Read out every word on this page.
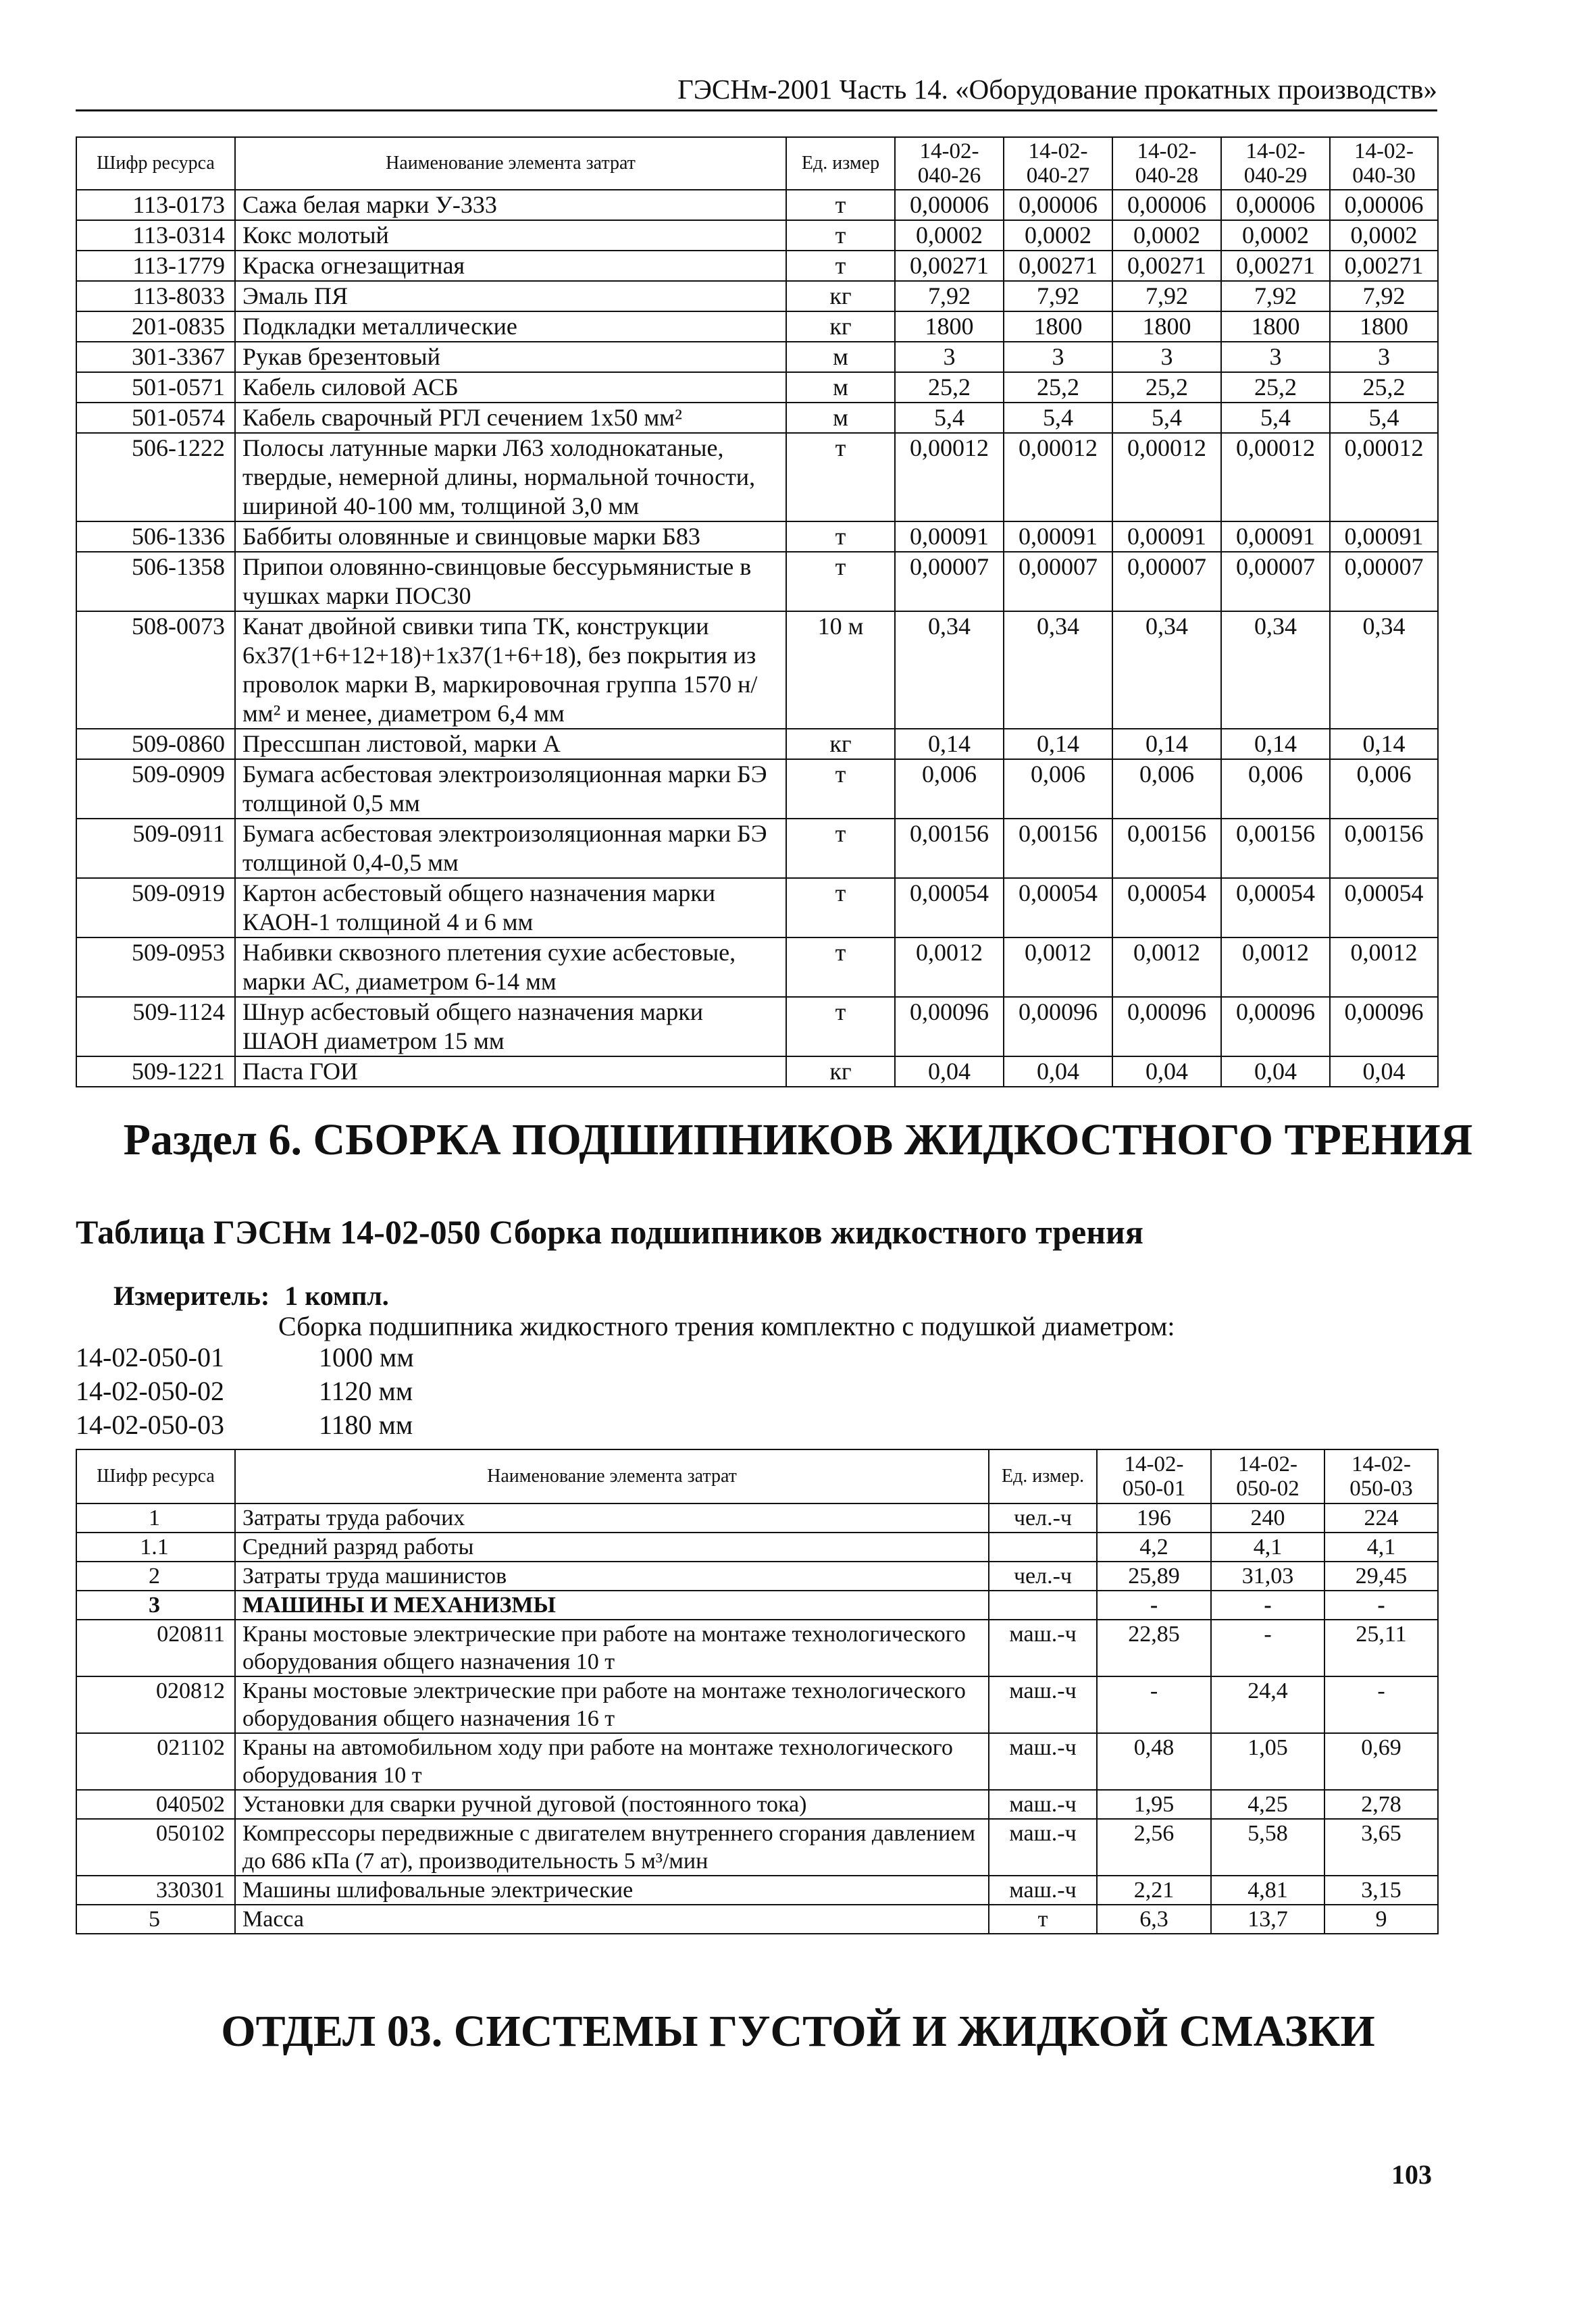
ГЭСНм-2001 Часть 14. «Оборудование прокатных производств»
Шифр ресурса	Наименование элемента затрат	Ед. измер	14-02-040-26	14-02-040-27	14-02-040-28	14-02-040-29	14-02-040-30
113-0173	Сажа белая марки У-333	т	0,00006	0,00006	0,00006	0,00006	0,00006
113-0314	Кокс молотый	т	0,0002	0,0002	0,0002	0,0002	0,0002
113-1779	Краска огнезащитная	т	0,00271	0,00271	0,00271	0,00271	0,00271
113-8033	Эмаль ПЯ	кг	7,92	7,92	7,92	7,92	7,92
201-0835	Подкладки металлические	кг	1800	1800	1800	1800	1800
301-3367	Рукав брезентовый	м	3	3	3	3	3
501-0571	Кабель силовой АСБ	м	25,2	25,2	25,2	25,2	25,2
501-0574	Кабель сварочный РГЛ сечением 1х50 мм²	м	5,4	5,4	5,4	5,4	5,4
506-1222	Полосы латунные марки Л63 холоднокатаные, твердые, немерной длины, нормальной точности, шириной 40-100 мм, толщиной 3,0 мм	т	0,00012	0,00012	0,00012	0,00012	0,00012
506-1336	Баббиты оловянные и свинцовые марки Б83	т	0,00091	0,00091	0,00091	0,00091	0,00091
506-1358	Припои оловянно-свинцовые бессурьмянистые в чушках марки ПОС30	т	0,00007	0,00007	0,00007	0,00007	0,00007
508-0073	Канат двойной свивки типа ТК, конструкции 6х37(1+6+12+18)+1х37(1+6+18), без покрытия из проволок марки В, маркировочная группа 1570 н/мм² и менее, диаметром 6,4 мм	10 м	0,34	0,34	0,34	0,34	0,34
509-0860	Прессшпан листовой, марки А	кг	0,14	0,14	0,14	0,14	0,14
509-0909	Бумага асбестовая электроизоляционная марки БЭ толщиной 0,5 мм	т	0,006	0,006	0,006	0,006	0,006
509-0911	Бумага асбестовая электроизоляционная марки БЭ толщиной 0,4-0,5 мм	т	0,00156	0,00156	0,00156	0,00156	0,00156
509-0919	Картон асбестовый общего назначения марки КАОН-1 толщиной 4 и 6 мм	т	0,00054	0,00054	0,00054	0,00054	0,00054
509-0953	Набивки сквозного плетения сухие асбестовые, марки АС, диаметром 6-14 мм	т	0,0012	0,0012	0,0012	0,0012	0,0012
509-1124	Шнур асбестовый общего назначения марки ШАОН диаметром 15 мм	т	0,00096	0,00096	0,00096	0,00096	0,00096
509-1221	Паста ГОИ	кг	0,04	0,04	0,04	0,04	0,04
Раздел 6. СБОРКА ПОДШИПНИКОВ ЖИДКОСТНОГО ТРЕНИЯ
Таблица ГЭСНм 14-02-050 Сборка подшипников жидкостного трения
Измеритель: 1 компл.
Сборка подшипника жидкостного трения комплектно с подушкой диаметром:
14-02-050-01	1000 мм
14-02-050-02	1120 мм
14-02-050-03	1180 мм
Шифр ресурса	Наименование элемента затрат	Ед. измер.	14-02-050-01	14-02-050-02	14-02-050-03
1	Затраты труда рабочих	чел.-ч	196	240	224
1.1	Средний разряд работы		4,2	4,1	4,1
2	Затраты труда машинистов	чел.-ч	25,89	31,03	29,45
3	МАШИНЫ И МЕХАНИЗМЫ		-	-	-
020811	Краны мостовые электрические при работе на монтаже технологического оборудования общего назначения 10 т	маш.-ч	22,85	-	25,11
020812	Краны мостовые электрические при работе на монтаже технологического оборудования общего назначения 16 т	маш.-ч	-	24,4	-
021102	Краны на автомобильном ходу при работе на монтаже технологического оборудования 10 т	маш.-ч	0,48	1,05	0,69
040502	Установки для сварки ручной дуговой (постоянного тока)	маш.-ч	1,95	4,25	2,78
050102	Компрессоры передвижные с двигателем внутреннего сгорания давлением до 686 кПа (7 ат), производительность 5 м³/мин	маш.-ч	2,56	5,58	3,65
330301	Машины шлифовальные электрические	маш.-ч	2,21	4,81	3,15
5	Масса	т	6,3	13,7	9
ОТДЕЛ 03. СИСТЕМЫ ГУСТОЙ И ЖИДКОЙ СМАЗКИ
103
